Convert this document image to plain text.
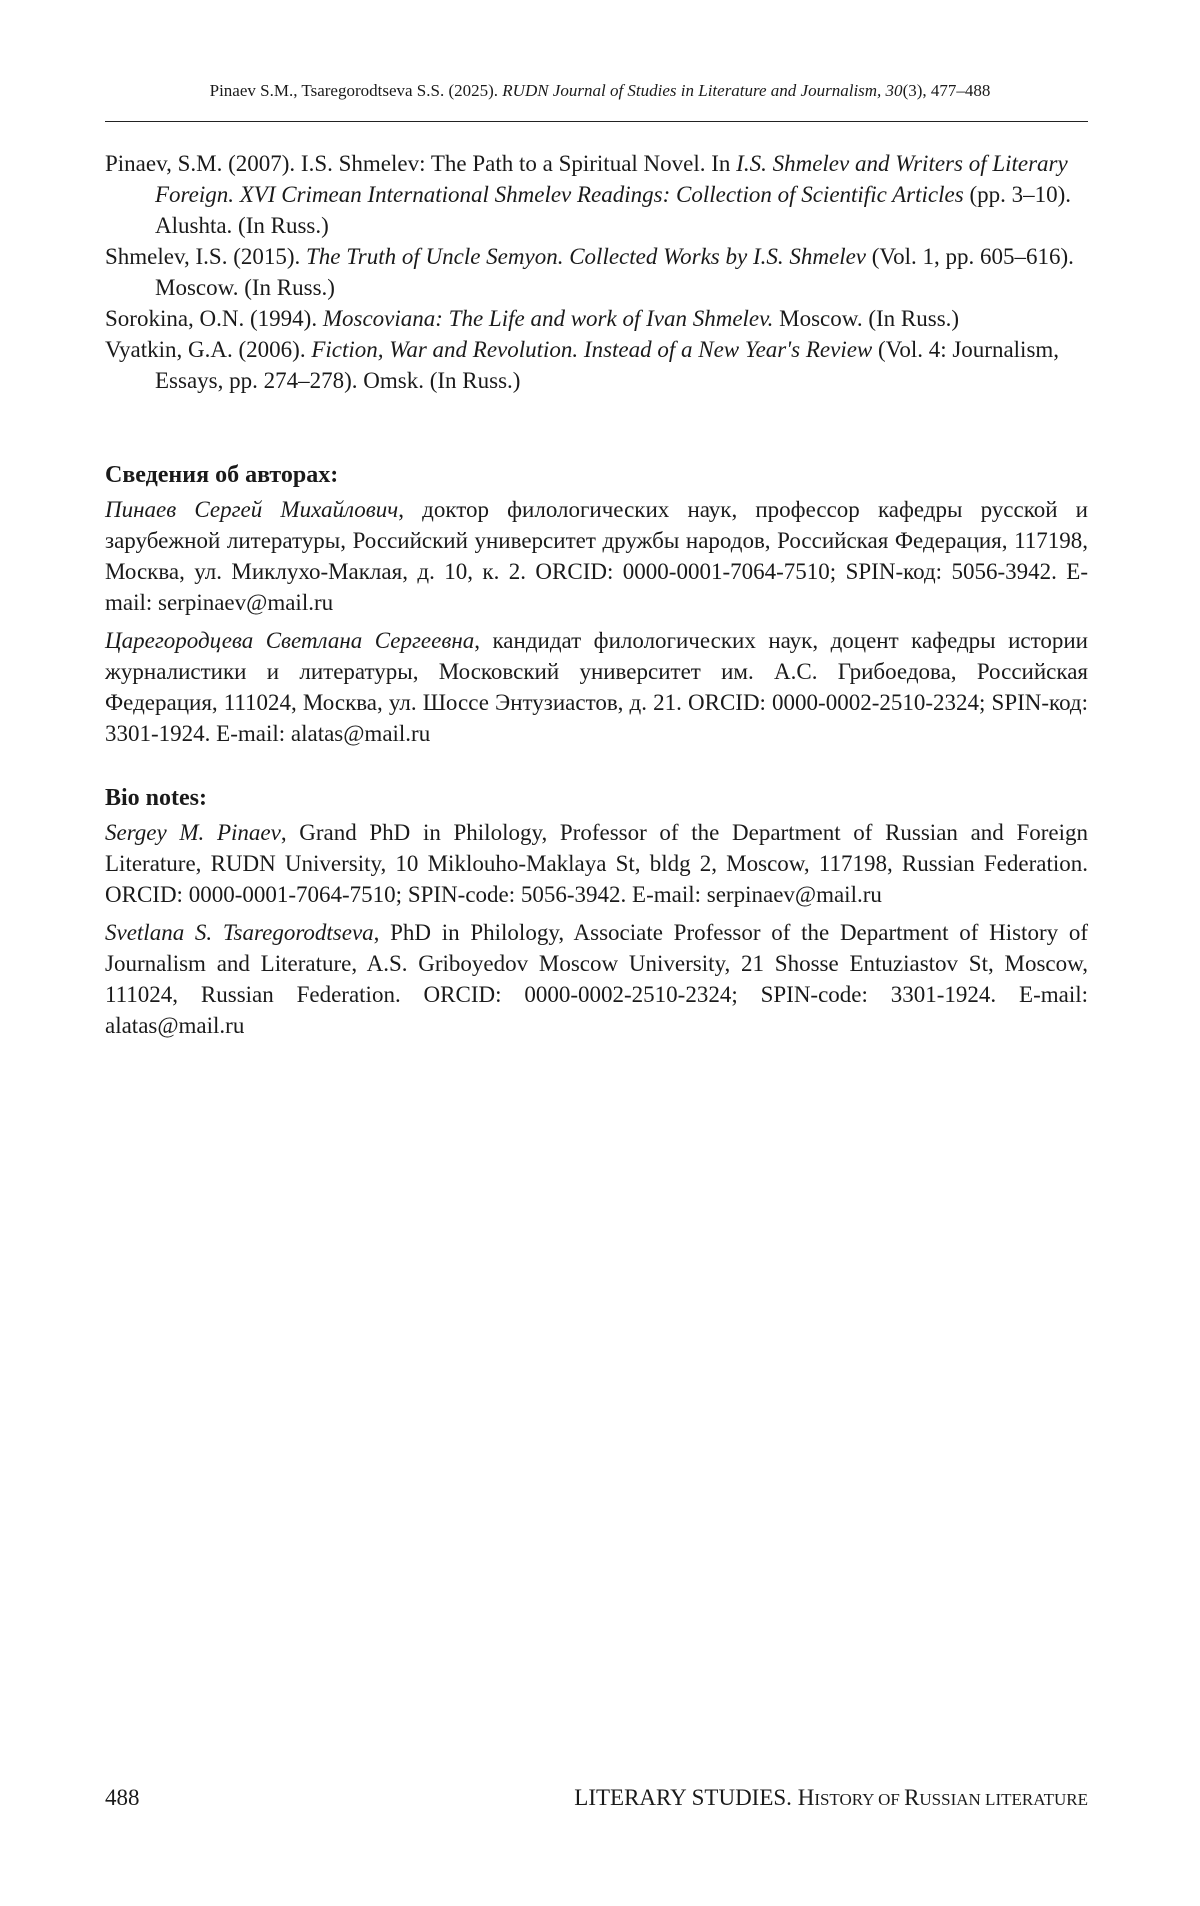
Pinaev S.M., Tsaregorodtseva S.S. (2025). RUDN Journal of Studies in Literature and Journalism, 30(3), 477–488

Pinaev, S.M. (2007). I.S. Shmelev: The Path to a Spiritual Novel. In I.S. Shmelev and Writers of Literary Foreign. XVI Crimean International Shmelev Readings: Collection of Scientific Articles (pp. 3–10). Alushta. (In Russ.)

Shmelev, I.S. (2015). The Truth of Uncle Semyon. Collected Works by I.S. Shmelev (Vol. 1, pp. 605–616). Moscow. (In Russ.)

Sorokina, O.N. (1994). Moscoviana: The Life and work of Ivan Shmelev. Moscow. (In Russ.)

Vyatkin, G.A. (2006). Fiction, War and Revolution. Instead of a New Year's Review (Vol. 4: Journalism, Essays, pp. 274–278). Omsk. (In Russ.)

Сведения об авторах:

Пинаев Сергей Михайлович, доктор филологических наук, профессор кафедры русской и зарубежной литературы, Российский университет дружбы народов, Российская Федерация, 117198, Москва, ул. Миклухо-Маклая, д. 10, к. 2. ORCID: 0000-0001-7064-7510; SPIN-код: 5056-3942. E-mail: serpinaev@mail.ru

Царегородцева Светлана Сергеевна, кандидат филологических наук, доцент кафедры истории журналистики и литературы, Московский университет им. А.С. Грибоедова, Российская Федерация, 111024, Москва, ул. Шоссе Энтузиастов, д. 21. ORCID: 0000-0002-2510-2324; SPIN-код: 3301-1924. E-mail: alatas@mail.ru

Bio notes:

Sergey M. Pinaev, Grand PhD in Philology, Professor of the Department of Russian and Foreign Literature, RUDN University, 10 Miklouho-Maklaya St, bldg 2, Moscow, 117198, Russian Federation. ORCID: 0000-0001-7064-7510; SPIN-code: 5056-3942. E-mail: serpinaev@mail.ru

Svetlana S. Tsaregorodtseva, PhD in Philology, Associate Professor of the Department of History of Journalism and Literature, A.S. Griboyedov Moscow University, 21 Shosse Entuziastov St, Moscow, 111024, Russian Federation. ORCID: 0000-0002-2510-2324; SPIN-code: 3301-1924. E-mail: alatas@mail.ru

488	LITERARY STUDIES. HISTORY OF RUSSIAN LITERATURE
